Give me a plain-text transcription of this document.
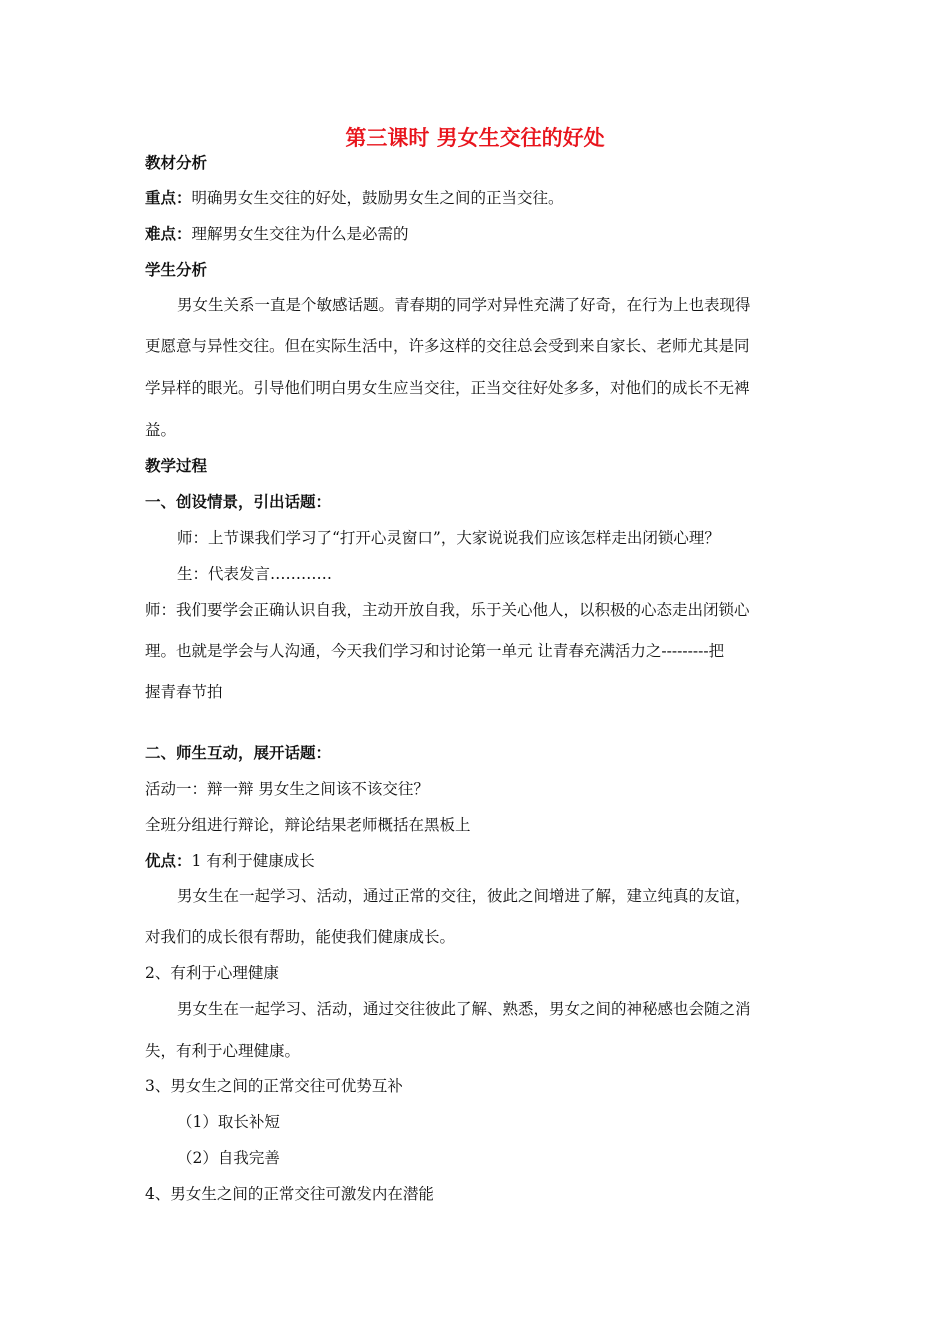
第三课时 男女生交往的好处
教材分析
重点：明确男女生交往的好处，鼓励男女生之间的正当交往。
难点：理解男女生交往为什么是必需的
学生分析
男女生关系一直是个敏感话题。青春期的同学对异性充满了好奇，在行为上也表现得
更愿意与异性交往。但在实际生活中，许多这样的交往总会受到来自家长、老师尤其是同
学异样的眼光。引导他们明白男女生应当交往，正当交往好处多多，对他们的成长不无裨
益。
教学过程
一、创设情景，引出话题：
师：上节课我们学习了“打开心灵窗口”，大家说说我们应该怎样走出闭锁心理？
生：代表发言…………
师：我们要学会正确认识自我，主动开放自我，乐于关心他人，以积极的心态走出闭锁心
理。也就是学会与人沟通，今天我们学习和讨论第一单元 让青春充满活力之---------把
握青春节拍
二、师生互动，展开话题：
活动一：辩一辩 男女生之间该不该交往？
全班分组进行辩论，辩论结果老师概括在黑板上
优点：1 有利于健康成长
男女生在一起学习、活动，通过正常的交往，彼此之间增进了解，建立纯真的友谊，
对我们的成长很有帮助，能使我们健康成长。
2、有利于心理健康
男女生在一起学习、活动，通过交往彼此了解、熟悉，男女之间的神秘感也会随之消
失，有利于心理健康。
3、男女生之间的正常交往可优势互补
（1）取长补短
（2）自我完善
4、男女生之间的正常交往可激发内在潜能
